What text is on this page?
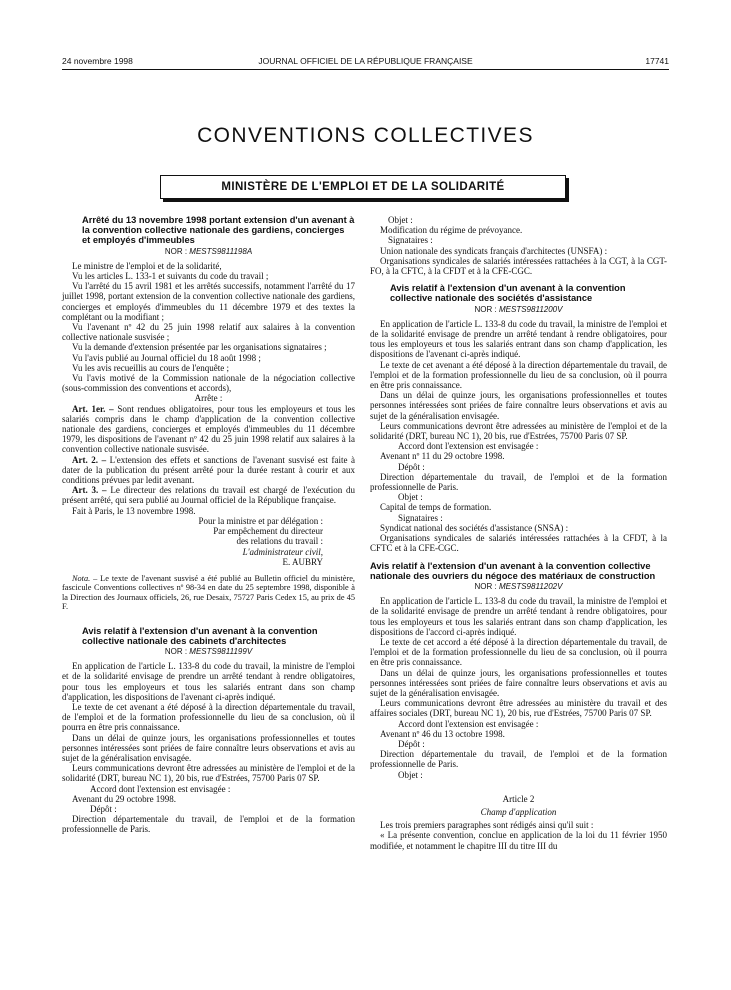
24 novembre 1998	JOURNAL OFFICIEL DE LA RÉPUBLIQUE FRANÇAISE	17741
CONVENTIONS COLLECTIVES
MINISTÈRE DE L'EMPLOI ET DE LA SOLIDARITÉ
Arrêté du 13 novembre 1998 portant extension d'un avenant à la convention collective nationale des gardiens, concierges et employés d'immeubles
NOR : MESTS9811198A

Le ministre de l'emploi et de la solidarité,

Vu les articles L. 133-1 et suivants du code du travail ;

Vu l'arrêté du 15 avril 1981 et les arrêtés successifs, notamment l'arrêté du 17 juillet 1998, portant extension de la convention collective nationale des gardiens, concierges et employés d'immeubles du 11 décembre 1979 et des textes la complétant ou la modifiant ;

Vu l'avenant nº 42 du 25 juin 1998 relatif aux salaires à la convention collective nationale susvisée ;

Vu la demande d'extension présentée par les organisations signataires ;

Vu l'avis publié au Journal officiel du 18 août 1998 ;

Vu les avis recueillis au cours de l'enquête ;

Vu l'avis motivé de la Commission nationale de la négociation collective (sous-commission des conventions et accords),

Arrête :

Art. 1er. – Sont rendues obligatoires, pour tous les employeurs et tous les salariés compris dans le champ d'application de la convention collective nationale des gardiens, concierges et employés d'immeubles du 11 décembre 1979, les dispositions de l'avenant nº 42 du 25 juin 1998 relatif aux salaires à la convention collective nationale susvisée.

Art. 2. – L'extension des effets et sanctions de l'avenant susvisé est faite à dater de la publication du présent arrêté pour la durée restant à courir et aux conditions prévues par ledit avenant.

Art. 3. – Le directeur des relations du travail est chargé de l'exécution du présent arrêté, qui sera publié au Journal officiel de la République française.

Fait à Paris, le 13 novembre 1998.

Pour la ministre et par délégation :

Par empêchement du directeur

des relations du travail :

L'administrateur civil,

E. AUBRY

Nota. – Le texte de l'avenant susvisé a été publié au Bulletin officiel du ministère, fascicule Conventions collectives nº 98-34 en date du 25 septembre 1998, disponible à la Direction des Journaux officiels, 26, rue Desaix, 75727 Paris Cedex 15, au prix de 45 F.

Avis relatif à l'extension d'un avenant à la convention collective nationale des cabinets d'architectes
NOR : MESTS9811199V

En application de l'article L. 133-8 du code du travail, la ministre de l'emploi et de la solidarité envisage de prendre un arrêté tendant à rendre obligatoires, pour tous les employeurs et tous les salariés entrant dans son champ d'application, les dispositions de l'avenant ci-après indiqué.

Le texte de cet avenant a été déposé à la direction départementale du travail, de l'emploi et de la formation professionnelle du lieu de sa conclusion, où il pourra en être pris connaissance.

Dans un délai de quinze jours, les organisations professionnelles et toutes personnes intéressées sont priées de faire connaître leurs observations et avis au sujet de la généralisation envisagée.

Leurs communications devront être adressées au ministère de l'emploi et de la solidarité (DRT, bureau NC 1), 20 bis, rue d'Estrées, 75700 Paris 07 SP.

Accord dont l'extension est envisagée :

Avenant du 29 octobre 1998.

Dépôt :

Direction départementale du travail, de l'emploi et de la formation professionnelle de Paris.

Objet :

Modification du régime de prévoyance.

Signataires :

Union nationale des syndicats français d'architectes (UNSFA) :

Organisations syndicales de salariés intéressées rattachées à la CGT, à la CGT-FO, à la CFTC, à la CFDT et à la CFE-CGC.

Avis relatif à l'extension d'un avenant à la convention collective nationale des sociétés d'assistance
NOR : MESTS9811200V

En application de l'article L. 133-8 du code du travail, la ministre de l'emploi et de la solidarité envisage de prendre un arrêté tendant à rendre obligatoires, pour tous les employeurs et tous les salariés entrant dans son champ d'application, les dispositions de l'avenant ci-après indiqué.

Le texte de cet avenant a été déposé à la direction départementale du travail, de l'emploi et de la formation professionnelle du lieu de sa conclusion, où il pourra en être pris connaissance.

Dans un délai de quinze jours, les organisations professionnelles et toutes personnes intéressées sont priées de faire connaître leurs observations et avis au sujet de la généralisation envisagée.

Leurs communications devront être adressées au ministère de l'emploi et de la solidarité (DRT, bureau NC 1), 20 bis, rue d'Estrées, 75700 Paris 07 SP.

Accord dont l'extension est envisagée :

Avenant nº 11 du 29 octobre 1998.

Dépôt :

Direction départementale du travail, de l'emploi et de la formation professionnelle de Paris.

Objet :

Capital de temps de formation.

Signataires :

Syndicat national des sociétés d'assistance (SNSA) :

Organisations syndicales de salariés intéressées rattachées à la CFDT, à la CFTC et à la CFE-CGC.

Avis relatif à l'extension d'un avenant à la convention collective nationale des ouvriers du négoce des matériaux de construction
NOR : MESTS9811202V

En application de l'article L. 133-8 du code du travail, la ministre de l'emploi et de la solidarité envisage de prendre un arrêté tendant à rendre obligatoires, pour tous les employeurs et tous les salariés entrant dans son champ d'application, les dispositions de l'accord ci-après indiqué.

Le texte de cet accord a été déposé à la direction départementale du travail, de l'emploi et de la formation professionnelle du lieu de sa conclusion, où il pourra en être pris connaissance.

Dans un délai de quinze jours, les organisations professionnelles et toutes personnes intéressées sont priées de faire connaître leurs observations et avis au sujet de la généralisation envisagée.

Leurs communications devront être adressées au ministère du travail et des affaires sociales (DRT, bureau NC 1), 20 bis, rue d'Estrées, 75700 Paris 07 SP.

Accord dont l'extension est envisagée :

Avenant nº 46 du 13 octobre 1998.

Dépôt :

Direction départementale du travail, de l'emploi et de la formation professionnelle de Paris.

Objet :

Article 2

Champ d'application

Les trois premiers paragraphes sont rédigés ainsi qu'il suit :

« La présente convention, conclue en application de la loi du 11 février 1950 modifiée, et notamment le chapitre III du titre III du
